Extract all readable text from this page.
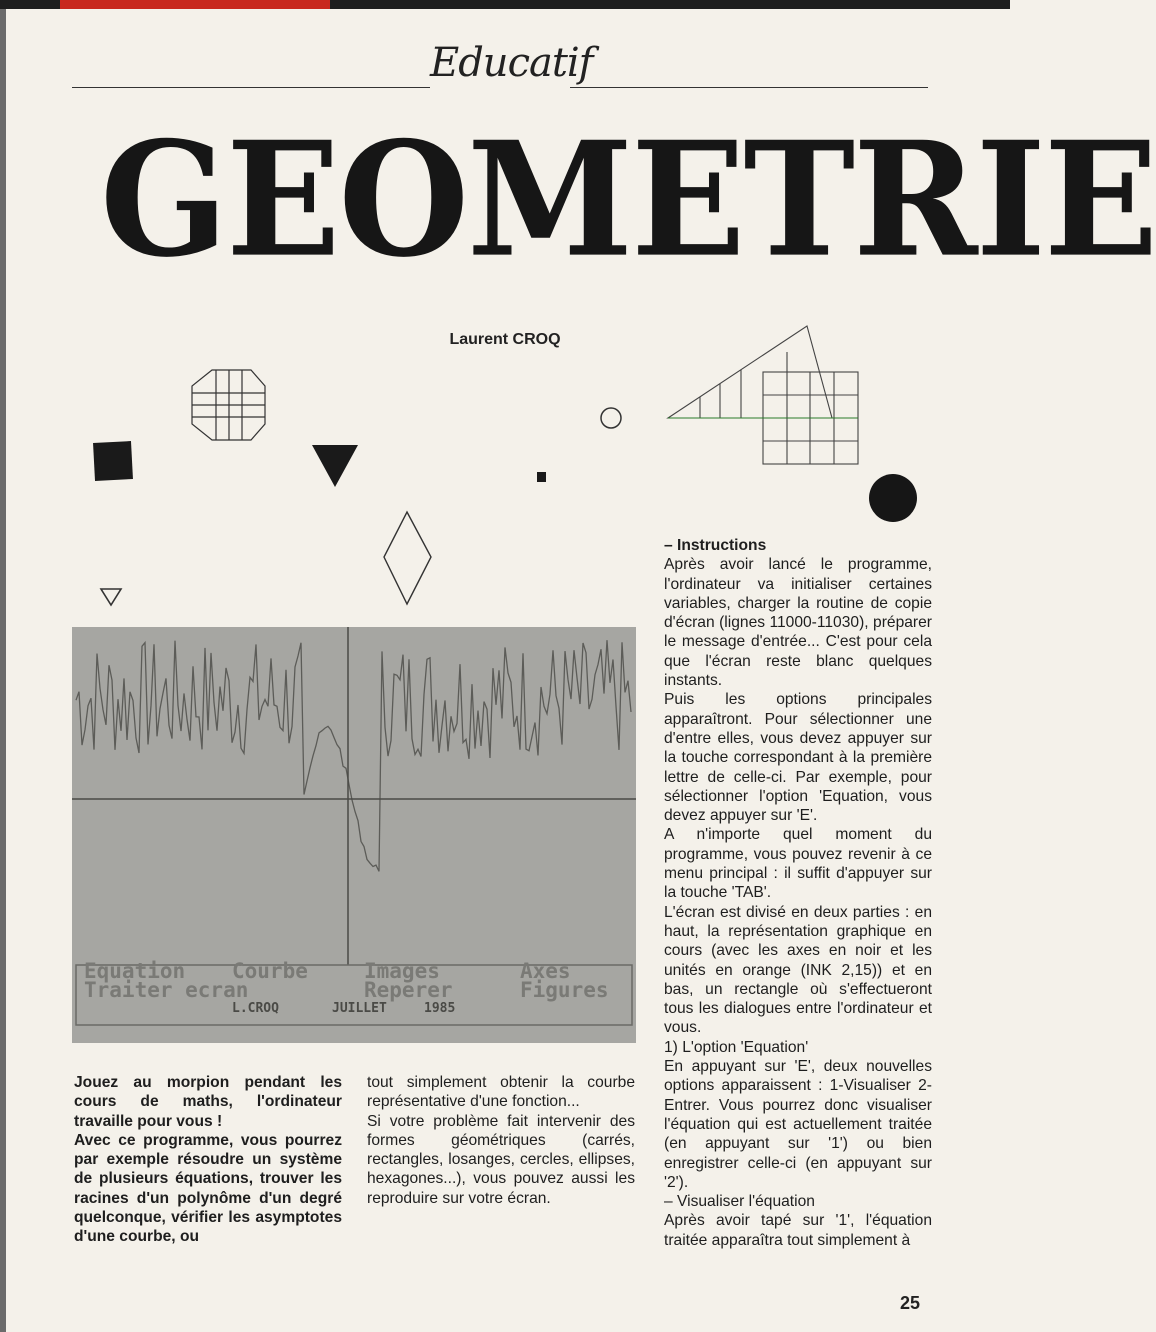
Educatif
GEOMETRIE
Laurent CROQ
Equation Courbe	Images	Axes
Traiter ecran	Reperer	Figures
L.CROQ	JUILLET	1985

Jouez au morpion pendant les cours de maths, l'ordinateur travaille pour vous !

Avec ce programme, vous pourrez par exemple résoudre un système de plusieurs équations, trouver les racines d'un polynôme d'un degré quelconque, vérifier les asymptotes d'une courbe, ou

tout simplement obtenir la courbe représentative d'une fonction...

Si votre problème fait intervenir des formes géométriques (carrés, rectangles, losanges, cercles, ellipses, hexagones...), vous pouvez aussi les reproduire sur votre écran.

– Instructions

Après avoir lancé le programme, l'ordinateur va initialiser certaines variables, charger la routine de copie d'écran (lignes 11000-11030), préparer le message d'entrée... C'est pour cela que l'écran reste blanc quelques instants.

Puis les options principales apparaîtront. Pour sélectionner une d'entre elles, vous devez appuyer sur la touche correspondant à la première lettre de celle-ci. Par exemple, pour sélectionner l'option 'Equation, vous devez appuyer sur 'E'.

A n'importe quel moment du programme, vous pouvez revenir à ce menu principal : il suffit d'appuyer sur la touche 'TAB'.

L'écran est divisé en deux parties : en haut, la représentation graphique en cours (avec les axes en noir et les unités en orange (INK 2,15)) et en bas, un rectangle où s'effectueront tous les dialogues entre l'ordinateur et vous.

1) L'option 'Equation'

En appuyant sur 'E', deux nouvelles options apparaissent : 1-Visualiser 2-Entrer. Vous pourrez donc visualiser l'équation qui est actuellement traitée (en appuyant sur '1') ou bien enregistrer celle-ci (en appuyant sur '2').

– Visualiser l'équation

Après avoir tapé sur '1', l'équation traitée apparaîtra tout simplement à

25
